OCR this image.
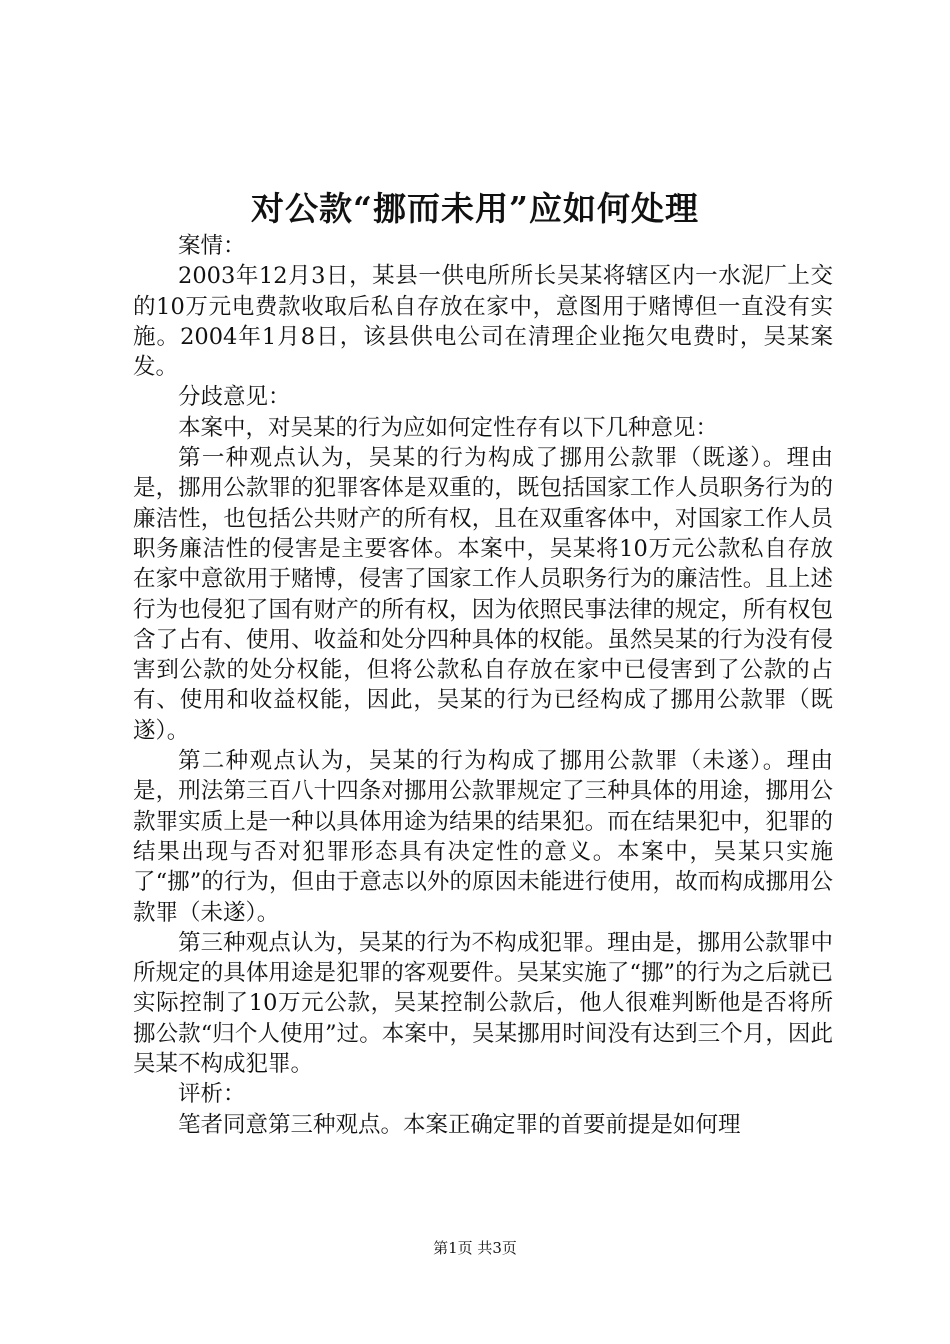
对公款“挪而未用”应如何处理

案情：

2003年12月3日，某县一供电所所长吴某将辖区内一水泥厂上交的10万元电费款收取后私自存放在家中，意图用于赌博但一直没有实施。2004年1月8日，该县供电公司在清理企业拖欠电费时，吴某案发。

分歧意见：

本案中，对吴某的行为应如何定性存有以下几种意见：

第一种观点认为，吴某的行为构成了挪用公款罪（既遂）。理由是，挪用公款罪的犯罪客体是双重的，既包括国家工作人员职务行为的廉洁性，也包括公共财产的所有权，且在双重客体中，对国家工作人员职务廉洁性的侵害是主要客体。本案中，吴某将10万元公款私自存放在家中意欲用于赌博，侵害了国家工作人员职务行为的廉洁性。且上述行为也侵犯了国有财产的所有权，因为依照民事法律的规定，所有权包含了占有、使用、收益和处分四种具体的权能。虽然吴某的行为没有侵害到公款的处分权能，但将公款私自存放在家中已侵害到了公款的占有、使用和收益权能，因此，吴某的行为已经构成了挪用公款罪（既遂）。

第二种观点认为，吴某的行为构成了挪用公款罪（未遂）。理由是，刑法第三百八十四条对挪用公款罪规定了三种具体的用途，挪用公款罪实质上是一种以具体用途为结果的结果犯。而在结果犯中，犯罪的结果出现与否对犯罪形态具有决定性的意义。本案中，吴某只实施了“挪”的行为，但由于意志以外的原因未能进行使用，故而构成挪用公款罪（未遂）。

第三种观点认为，吴某的行为不构成犯罪。理由是，挪用公款罪中所规定的具体用途是犯罪的客观要件。吴某实施了“挪”的行为之后就已实际控制了10万元公款，吴某控制公款后，他人很难判断他是否将所挪公款“归个人使用”过。本案中，吴某挪用时间没有达到三个月，因此吴某不构成犯罪。

评析：

笔者同意第三种观点。本案正确定罪的首要前提是如何理

第1页 共3页
